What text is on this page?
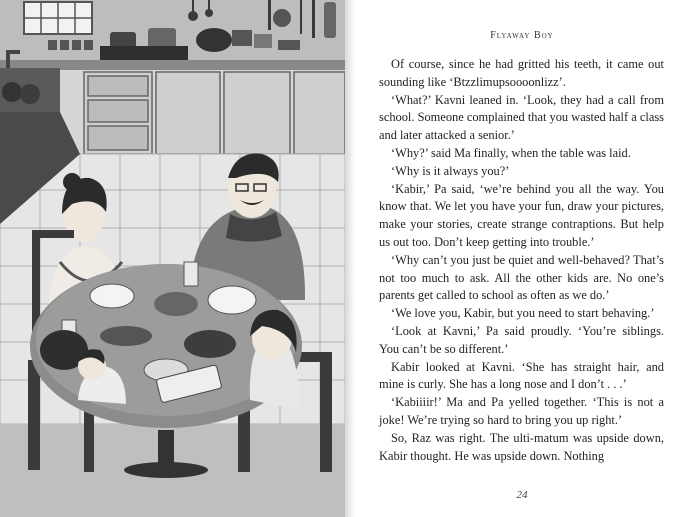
Flyaway Boy

Of course, since he had gritted his teeth, it came out sounding like ‘Btzzlimupsoooonlizz’.

‘What?’ Kavni leaned in. ‘Look, they had a call from school. Someone complained that you wasted half a class and later attacked a senior.’

‘Why?’ said Ma finally, when the table was laid.

‘Why is it always you?’

‘Kabir,’ Pa said, ‘we’re behind you all the way. You know that. We let you have your fun, draw your pictures, make your stories, create strange contraptions. But help us out too. Don’t keep getting into trouble.’

‘Why can’t you just be quiet and well-behaved? That’s not too much to ask. All the other kids are. No one’s parents get called to school as often as we do.’

‘We love you, Kabir, but you need to start behaving.’

‘Look at Kavni,’ Pa said proudly. ‘You’re siblings. You can’t be so different.’

Kabir looked at Kavni. ‘She has straight hair, and mine is curly. She has a long nose and I don’t . . .’

‘Kabiiiir!’ Ma and Pa yelled together. ‘This is not a joke! We’re trying so hard to bring you up right.’

So, Raz was right. The ulti-matum was upside down, Kabir thought. He was upside down. Nothing

24
